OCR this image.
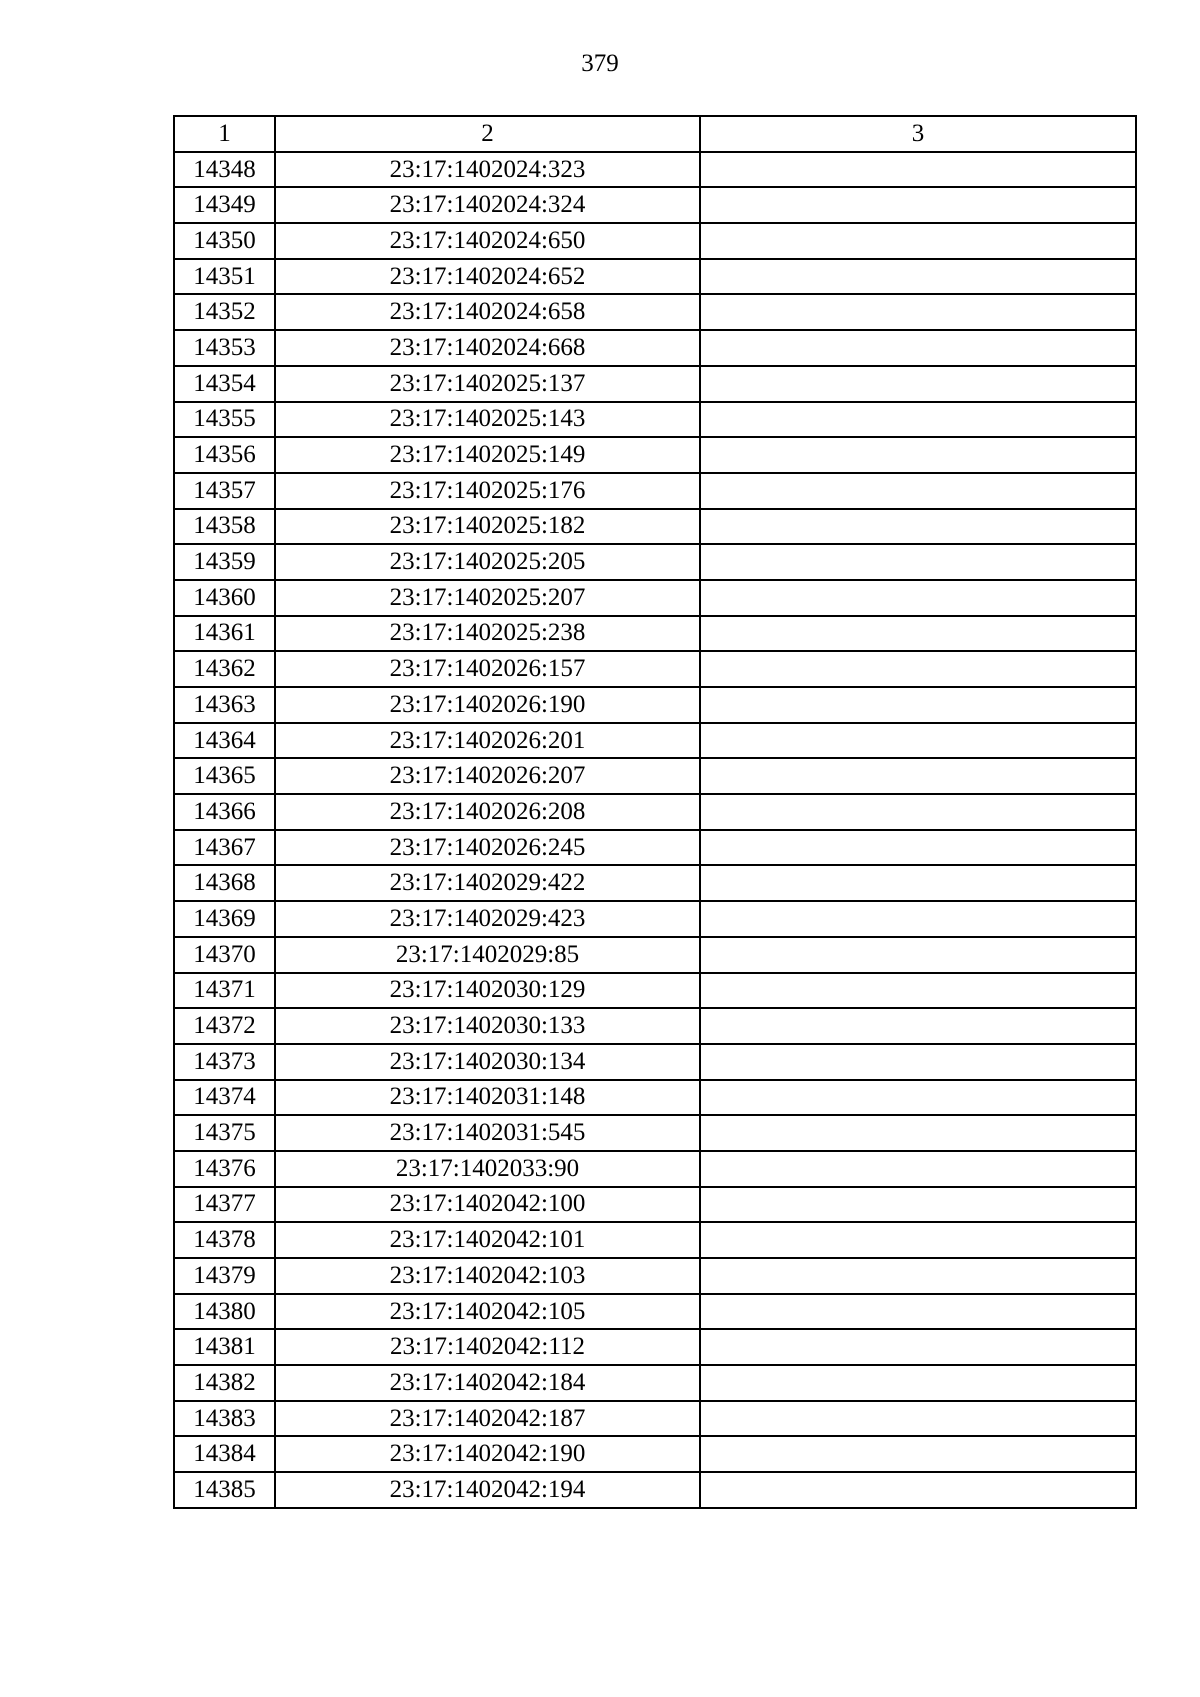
379
1	2	3
14348	23:17:1402024:323	
14349	23:17:1402024:324	
14350	23:17:1402024:650	
14351	23:17:1402024:652	
14352	23:17:1402024:658	
14353	23:17:1402024:668	
14354	23:17:1402025:137	
14355	23:17:1402025:143	
14356	23:17:1402025:149	
14357	23:17:1402025:176	
14358	23:17:1402025:182	
14359	23:17:1402025:205	
14360	23:17:1402025:207	
14361	23:17:1402025:238	
14362	23:17:1402026:157	
14363	23:17:1402026:190	
14364	23:17:1402026:201	
14365	23:17:1402026:207	
14366	23:17:1402026:208	
14367	23:17:1402026:245	
14368	23:17:1402029:422	
14369	23:17:1402029:423	
14370	23:17:1402029:85	
14371	23:17:1402030:129	
14372	23:17:1402030:133	
14373	23:17:1402030:134	
14374	23:17:1402031:148	
14375	23:17:1402031:545	
14376	23:17:1402033:90	
14377	23:17:1402042:100	
14378	23:17:1402042:101	
14379	23:17:1402042:103	
14380	23:17:1402042:105	
14381	23:17:1402042:112	
14382	23:17:1402042:184	
14383	23:17:1402042:187	
14384	23:17:1402042:190	
14385	23:17:1402042:194	
